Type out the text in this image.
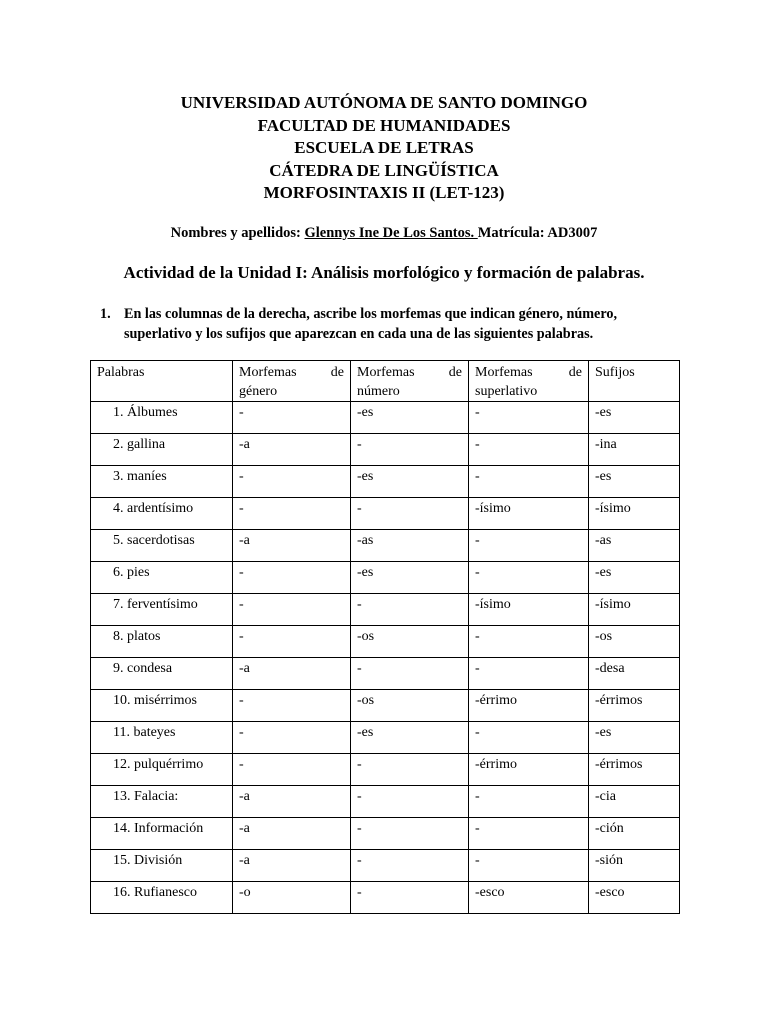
UNIVERSIDAD AUTÓNOMA DE SANTO DOMINGO
FACULTAD DE HUMANIDADES
ESCUELA DE LETRAS
CÁTEDRA DE LINGÜÍSTICA
MORFOSINTAXIS II (LET-123)
Nombres y apellidos: Glennys Ine De Los Santos. Matrícula: AD3007
Actividad de la Unidad I: Análisis morfológico y formación de palabras.
1. En las columnas de la derecha, ascribe los morfemas que indican género, número, superlativo y los sufijos que aparezcan en cada una de las siguientes palabras.
Palabras	Morfemas de género	Morfemas de número	Morfemas de superlativo	Sufijos

1. Álbumes	-	-es	-	-es
2. gallina	-a	-	-	-ina
3. maníes	-	-es	-	-es
4. ardentísimo	-	-	-ísimo	-ísimo
5. sacerdotisas	-a	-as	-	-as
6. pies	-	-es	-	-es
7. ferventísimo	-	-	-ísimo	-ísimo
8. platos	-	-os	-	-os
9. condesa	-a	-	-	-desa
10. misérrimos	-	-os	-érrimo	-érrimos
11. bateyes	-	-es	-	-es
12. pulquérrimo	-	-	-érrimo	-érrimos
13. Falacia:	-a	-	-	-cia
14. Información	-a	-	-	-ción
15. División	-a	-	-	-sión
16. Rufianesco	-o	-	-esco	-esco
